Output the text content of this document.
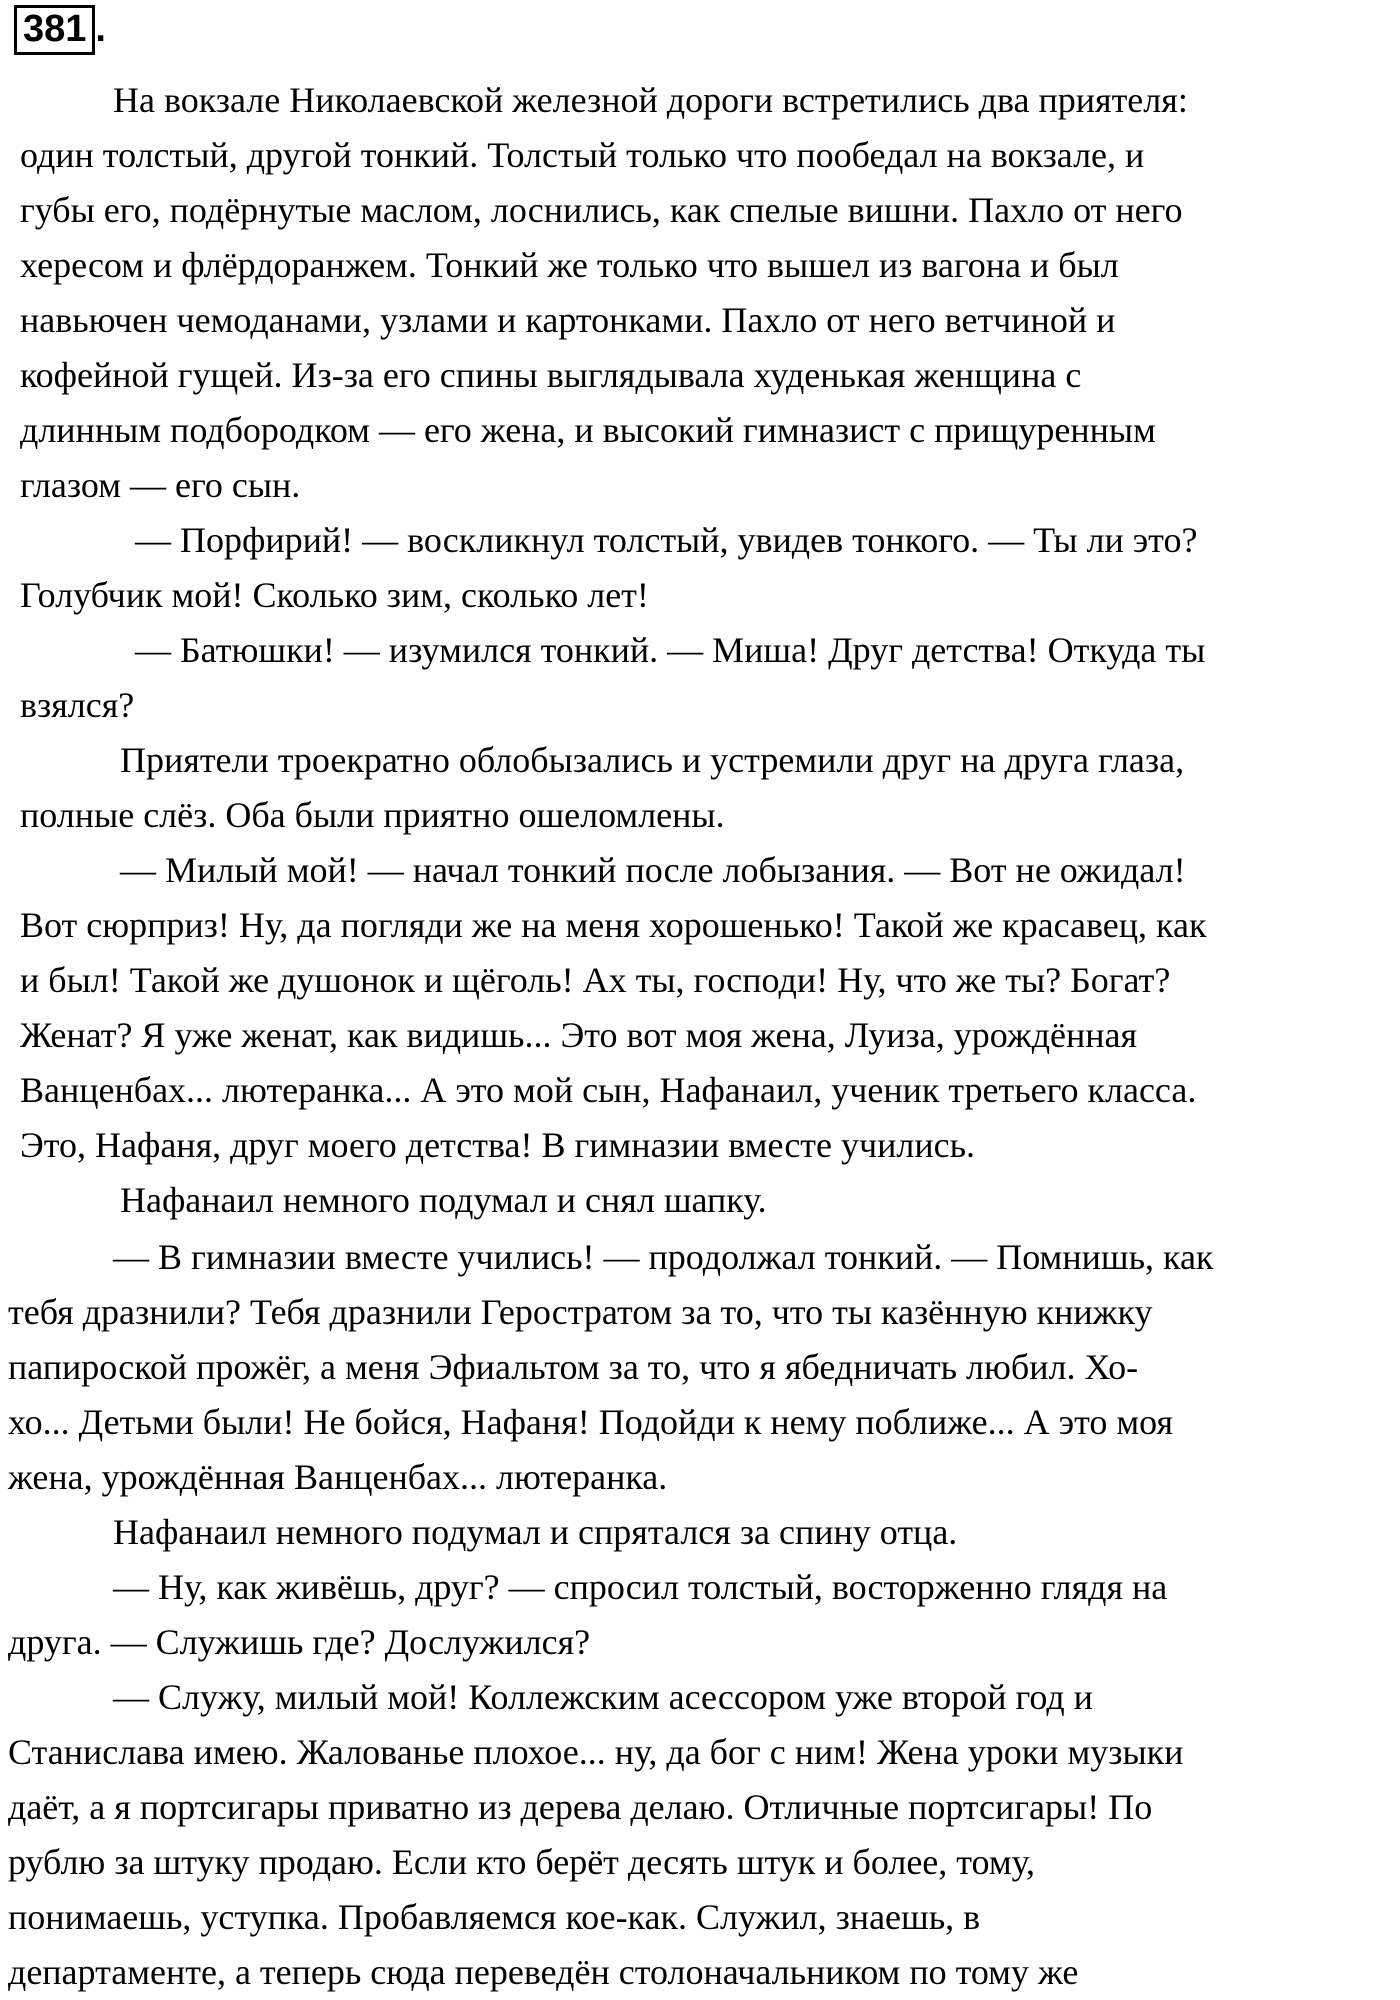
381 .
На вокзале Николаевской железной дороги встретились два приятеля:
один толстый, другой тонкий. Толстый только что пообедал на вокзале, и
губы его, подёрнутые маслом, лоснились, как спелые вишни. Пахло от него
хересом и флёрдоранжем. Тонкий же только что вышел из вагона и был
навьючен чемоданами, узлами и картонками. Пахло от него ветчиной и
кофейной гущей. Из-за его спины выглядывала худенькая женщина с
длинным подбородком — его жена, и высокий гимназист с прищуренным
глазом — его сын.
— Порфирий! — воскликнул толстый, увидев тонкого. — Ты ли это?
Голубчик мой! Сколько зим, сколько лет!
— Батюшки! — изумился тонкий. — Миша! Друг детства! Откуда ты
взялся?
Приятели троекратно облобызались и устремили друг на друга глаза,
полные слёз. Оба были приятно ошеломлены.
— Милый мой! — начал тонкий после лобызания. — Вот не ожидал!
Вот сюрприз! Ну, да погляди же на меня хорошенько! Такой же красавец, как
и был! Такой же душонок и щёголь! Ах ты, господи! Ну, что же ты? Богат?
Женат? Я уже женат, как видишь... Это вот моя жена, Луиза, урождённая
Ванценбах... лютеранка... А это мой сын, Нафанаил, ученик третьего класса.
Это, Нафаня, друг моего детства! В гимназии вместе учились.
Нафанаил немного подумал и снял шапку.
— В гимназии вместе учились! — продолжал тонкий. — Помнишь, как
тебя дразнили? Тебя дразнили Геростратом за то, что ты казённую книжку
папироской прожёг, а меня Эфиальтом за то, что я ябедничать любил. Хо-
хо... Детьми были! Не бойся, Нафаня! Подойди к нему поближе... А это моя
жена, урождённая Ванценбах... лютеранка.
Нафанаил немного подумал и спрятался за спину отца.
— Ну, как живёшь, друг? — спросил толстый, восторженно глядя на
друга. — Служишь где? Дослужился?
— Служу, милый мой! Коллежским асессором уже второй год и
Станислава имею. Жалованье плохое... ну, да бог с ним! Жена уроки музыки
даёт, а я портсигары приватно из дерева делаю. Отличные портсигары! По
рублю за штуку продаю. Если кто берёт десять штук и более, тому,
понимаешь, уступка. Пробавляемся кое-как. Служил, знаешь, в
департаменте, а теперь сюда переведён столоначальником по тому же
